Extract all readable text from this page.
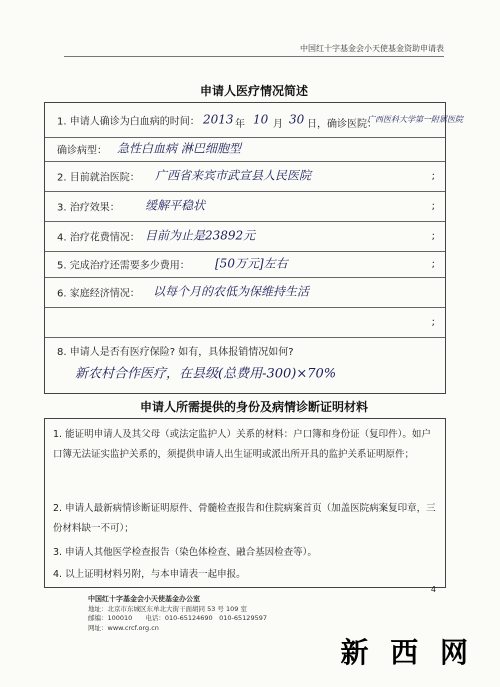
中国红十字基金会小天使基金资助申请表
申请人医疗情况简述
1. 申请人确诊为白血病的时间： 2013 年 10 月 30 日，确诊医院：
广西医科大学第一附属医院
确诊病型： 急性白血病 淋巴细胞型
2. 目前就治医院： 广西省来宾市武宣县人民医院	;
3. 治疗效果： 缓解平稳状	;
4. 治疗花费情况： 目前为止是23892元	;
5. 完成治疗还需要多少费用： [50万元]左右	;
6. 家庭经济情况： 以每个月的农低为保维持生活
;
8. 申请人是否有医疗保险? 如有，具体报销情况如何?
新农村合作医疗，在县级(总费用-300)×70%
申请人所需提供的身份及病情诊断证明材料
1. 能证明申请人及其父母（或法定监护人）关系的材料：户口簿和身份证（复印件）。如户口簿无法证实监护关系的，须提供申请人出生证明或派出所开具的监护关系证明原件；
2. 申请人最新病情诊断证明原件、骨髓检查报告和住院病案首页（加盖医院病案复印章，三份材料缺一不可）；
3. 申请人其他医学检查报告（染色体检查、融合基因检查等）。
4. 以上证明材料另附，与本申请表一起申报。
4
中国红十字基金会小天使基金办公室
地址：北京市东城区东单北大街干面胡同 53 号 109 室
邮编：100010　　电话：010-65124690　010-65129597
网址：www.crcf.org.cn
新 西 网
